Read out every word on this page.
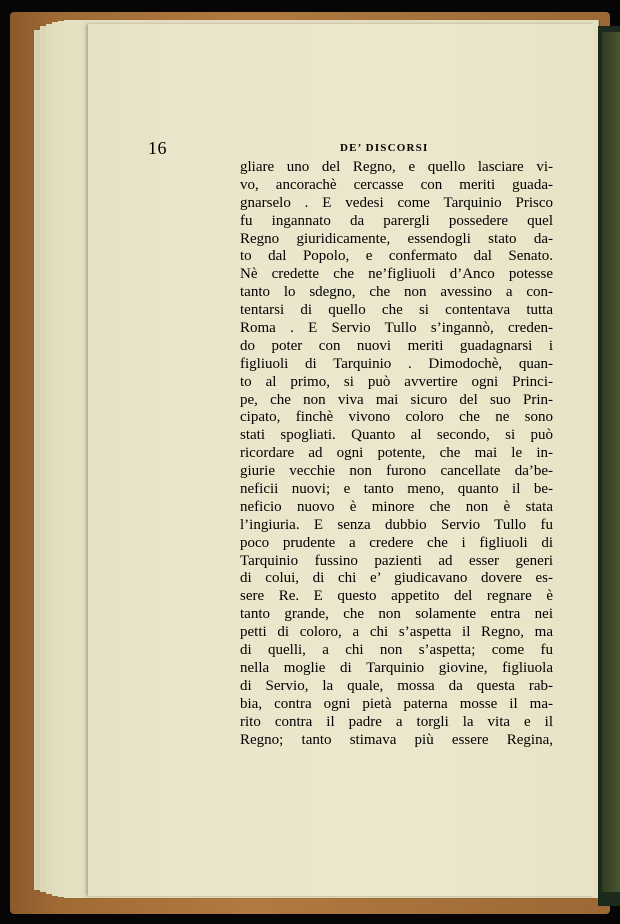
16	DE’ DISCORSI
gliare uno del Regno, e quello lasciare vi-
vo, ancorachè cercasse con meriti guada-
gnarselo . E vedesi come Tarquinio Prisco
fu ingannato da parergli possedere quel
Regno giuridicamente, essendogli stato da-
to dal Popolo, e confermato dal Senato.
Nè credette che ne’figliuoli d’Anco potesse
tanto lo sdegno, che non avessino a con-
tentarsi di quello che si contentava tutta
Roma . E Servio Tullo s’ingannò, creden-
do poter con nuovi meriti guadagnarsi i
figliuoli di Tarquinio . Dimodochè, quan-
to al primo, si può avvertire ogni Princi-
pe, che non viva mai sicuro del suo Prin-
cipato, finchè vivono coloro che ne sono
stati spogliati. Quanto al secondo, si può
ricordare ad ogni potente, che mai le in-
giurie vecchie non furono cancellate da’be-
neficii nuovi; e tanto meno, quanto il be-
neficio nuovo è minore che non è stata
l’ingiuria. E senza dubbio Servio Tullo fu
poco prudente a credere che i figliuoli di
Tarquinio fussino pazienti ad esser generi
di colui, di chi e’ giudicavano dovere es-
sere Re. E questo appetito del regnare è
tanto grande, che non solamente entra nei
petti di coloro, a chi s’aspetta il Regno, ma
di quelli, a chi non s’aspetta; come fu
nella moglie di Tarquinio giovine, figliuola
di Servio, la quale, mossa da questa rab-
bia, contra ogni pietà paterna mosse il ma-
rito contra il padre a torgli la vita e il
Regno; tanto stimava più essere Regina,
